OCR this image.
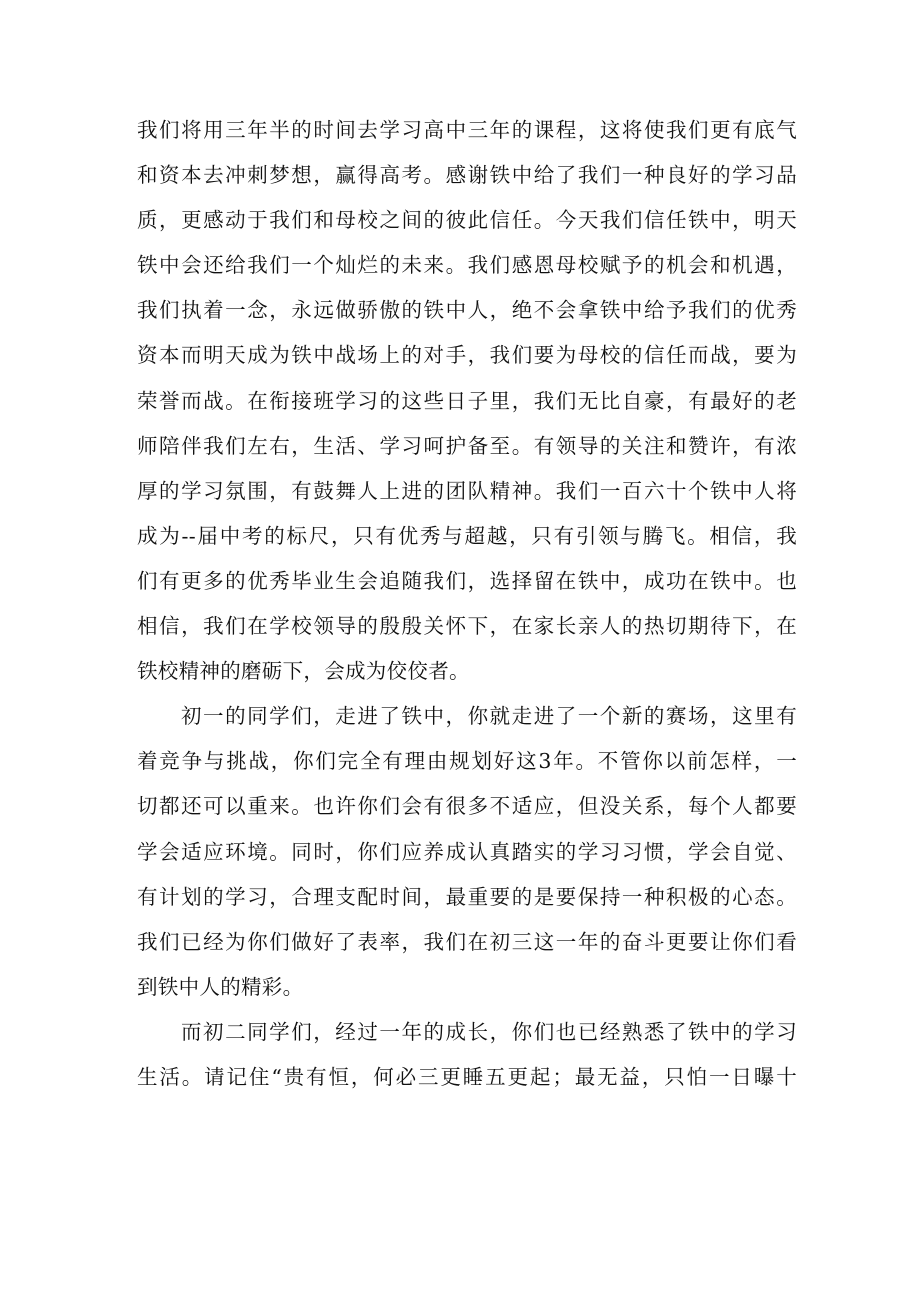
我们将用三年半的时间去学习高中三年的课程，这将使我们更有底气
和资本去冲刺梦想，赢得高考。感谢铁中给了我们一种良好的学习品
质，更感动于我们和母校之间的彼此信任。今天我们信任铁中，明天
铁中会还给我们一个灿烂的未来。我们感恩母校赋予的机会和机遇，
我们执着一念，永远做骄傲的铁中人，绝不会拿铁中给予我们的优秀
资本而明天成为铁中战场上的对手，我们要为母校的信任而战，要为
荣誉而战。在衔接班学习的这些日子里，我们无比自豪，有最好的老
师陪伴我们左右，生活、学习呵护备至。有领导的关注和赞许，有浓
厚的学习氛围，有鼓舞人上进的团队精神。我们一百六十个铁中人将
成为--届中考的标尺，只有优秀与超越，只有引领与腾飞。相信，我
们有更多的优秀毕业生会追随我们，选择留在铁中，成功在铁中。也
相信，我们在学校领导的殷殷关怀下，在家长亲人的热切期待下，在
铁校精神的磨砺下，会成为佼佼者。
初一的同学们，走进了铁中，你就走进了一个新的赛场，这里有
着竞争与挑战，你们完全有理由规划好这3年。不管你以前怎样，一
切都还可以重来。也许你们会有很多不适应，但没关系，每个人都要
学会适应环境。同时，你们应养成认真踏实的学习习惯，学会自觉、
有计划的学习，合理支配时间，最重要的是要保持一种积极的心态。
我们已经为你们做好了表率，我们在初三这一年的奋斗更要让你们看
到铁中人的精彩。
而初二同学们，经过一年的成长，你们也已经熟悉了铁中的学习
生活。请记住“贵有恒，何必三更睡五更起；最无益，只怕一日曝十
